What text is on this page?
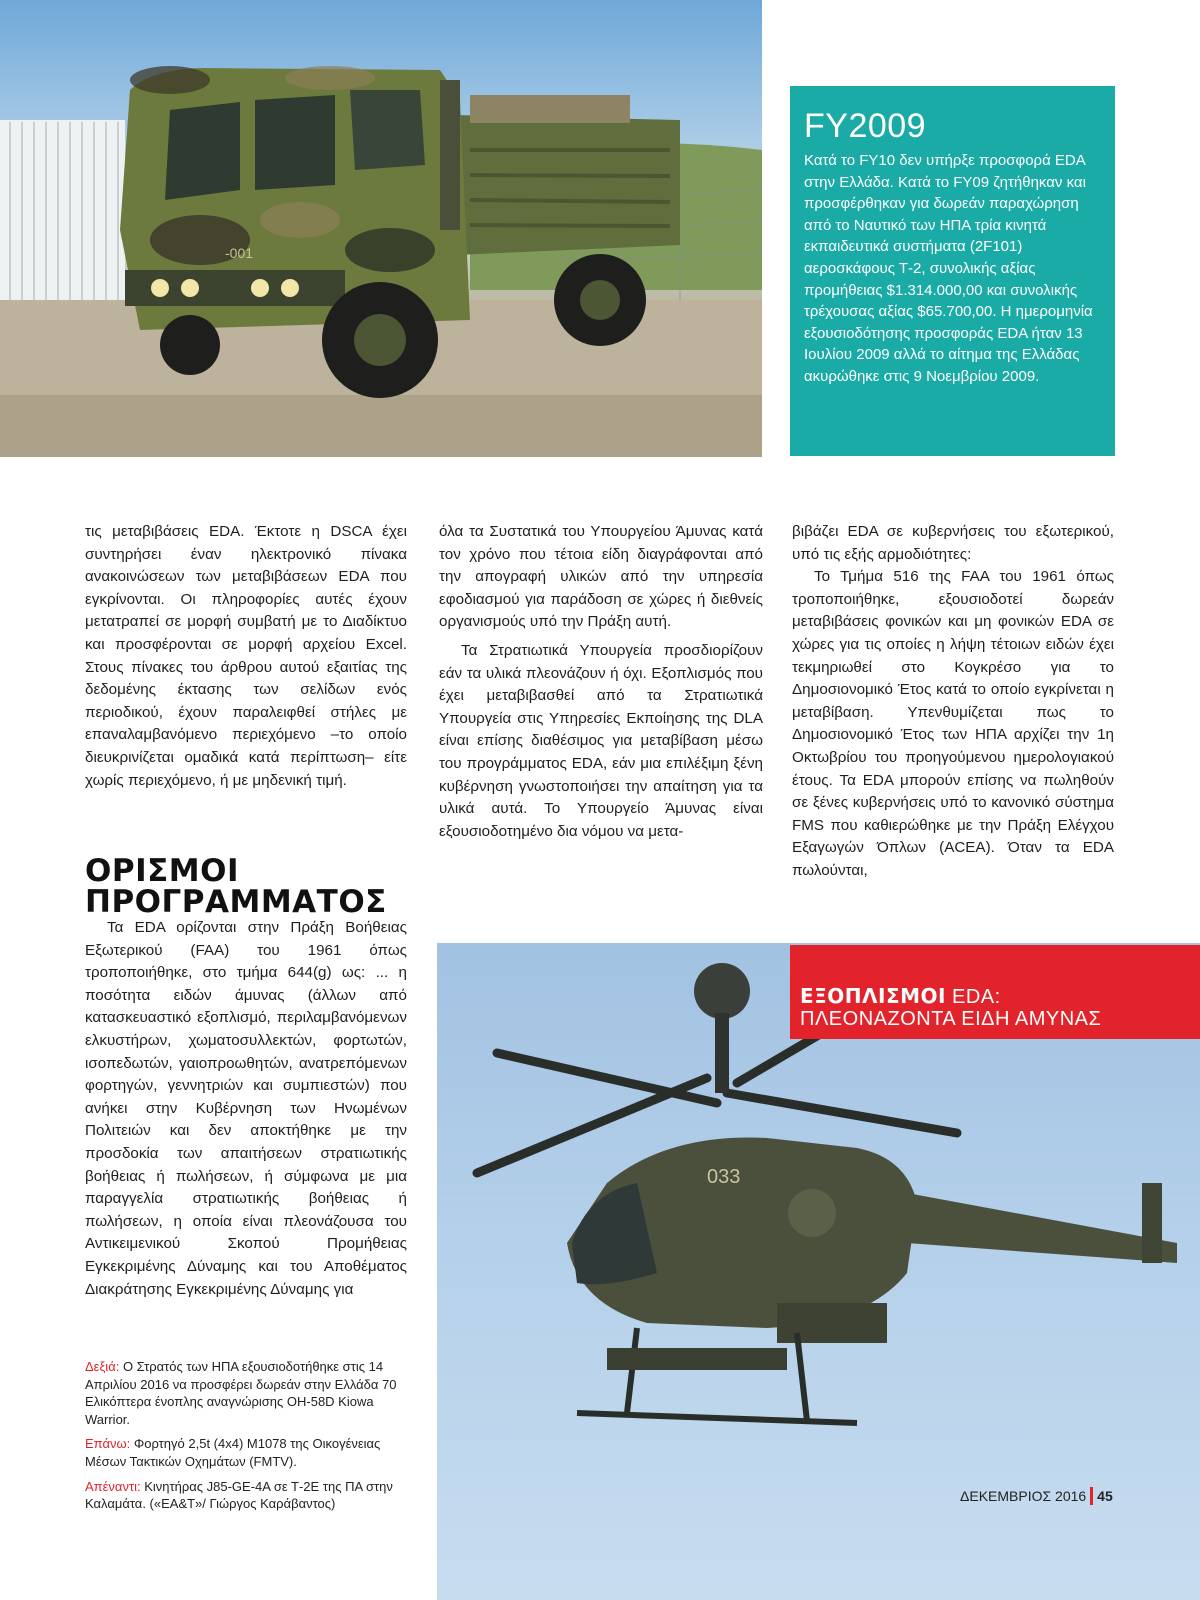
-001
FY2009
Κατά το FY10 δεν υπήρξε προσφορά EDA στην Ελλάδα. Κατά το FY09 ζητήθηκαν και προσφέρθηκαν για δωρεάν παραχώρηση από το Ναυτικό των ΗΠΑ τρία κινητά εκπαιδευτικά συστήματα (2F101) αεροσκάφους Τ-2, συνολικής αξίας προμήθειας $1.314.000,00 και συνολικής τρέχουσας αξίας $65.700,00. Η ημερομηνία εξουσιοδότησης προσφοράς EDA ήταν 13 Ιουλίου 2009 αλλά το αίτημα της Ελλάδας ακυρώθηκε στις 9 Νοεμβρίου 2009.

τις μεταβιβάσεις EDA. Έκτοτε η DSCA έχει συντηρήσει έναν ηλεκτρονικό πίνακα ανακοινώσεων των μεταβιβάσεων EDA που εγκρίνονται. Οι πληροφορίες αυτές έχουν μετατραπεί σε μορφή συμβατή με το Διαδίκτυο και προσφέρονται σε μορφή αρχείου Excel. Στους πίνακες του άρθρου αυτού εξαιτίας της δεδομένης έκτασης των σελίδων ενός περιοδικού, έχουν παραλειφθεί στήλες με επαναλαμβανόμενο περιεχόμενο –το οποίο διευκρινίζεται ομαδικά κατά περίπτωση– είτε χωρίς περιεχόμενο, ή με μηδενική τιμή.

όλα τα Συστατικά του Υπουργείου Άμυνας κατά τον χρόνο που τέτοια είδη διαγράφονται από την απογραφή υλικών από την υπηρεσία εφοδιασμού για παράδοση σε χώρες ή διεθνείς οργανισμούς υπό την Πράξη αυτή.

Τα Στρατιωτικά Υπουργεία προσδιορίζουν εάν τα υλικά πλεονάζουν ή όχι. Εξοπλισμός που έχει μεταβιβασθεί από τα Στρατιωτικά Υπουργεία στις Υπηρεσίες Εκποίησης της DLA είναι επίσης διαθέσιμος για μεταβίβαση μέσω του προγράμματος EDA, εάν μια επιλέξιμη ξένη κυβέρνηση γνωστοποιήσει την απαίτηση για τα υλικά αυτά. Το Υπουργείο Άμυνας είναι εξουσιοδοτημένο δια νόμου να μετα-

βιβάζει EDA σε κυβερνήσεις του εξωτερικού, υπό τις εξής αρμοδιότητες:

Το Τμήμα 516 της FAA του 1961 όπως τροποποιήθηκε, εξουσιοδοτεί δωρεάν μεταβιβάσεις φονικών και μη φονικών EDA σε χώρες για τις οποίες η λήψη τέτοιων ειδών έχει τεκμηριωθεί στο Κογκρέσο για το Δημοσιονομικό Έτος κατά το οποίο εγκρίνεται η μεταβίβαση. Υπενθυμίζεται πως το Δημοσιονομικό Έτος των ΗΠΑ αρχίζει την 1η Οκτωβρίου του προηγούμενου ημερολογιακού έτους. Τα EDA μπορούν επίσης να πωληθούν σε ξένες κυβερνήσεις υπό το κανονικό σύστημα FMS που καθιερώθηκε με την Πράξη Ελέγχου Εξαγωγών Όπλων (ACEA). Όταν τα EDA πωλούνται,

ΟΡΙΣΜΟΙ
ΠΡΟΓΡΑΜΜΑΤΟΣ

Τα EDA ορίζονται στην Πράξη Βοήθειας Εξωτερικού (FAA) του 1961 όπως τροποποιήθηκε, στο τμήμα 644(g) ως: ... η ποσότητα ειδών άμυνας (άλλων από κατασκευαστικό εξοπλισμό, περιλαμβανόμενων ελκυστήρων, χωματοσυλλεκτών, φορτωτών, ισοπεδωτών, γαιοπροωθητών, ανατρεπόμενων φορτηγών, γεννητριών και συμπιεστών) που ανήκει στην Κυβέρνηση των Ηνωμένων Πολιτειών και δεν αποκτήθηκε με την προσδοκία των απαιτήσεων στρατιωτικής βοήθειας ή πωλήσεων, ή σύμφωνα με μια παραγγελία στρατιωτικής βοήθειας ή πωλήσεων, η οποία είναι πλεονάζουσα του Αντικειμενικού Σκοπού Προμήθειας Εγκεκριμένης Δύναμης και του Αποθέματος Διακράτησης Εγκεκριμένης Δύναμης για

033
ΕΞΟΠΛΙΣΜΟΙ EDA:
ΠΛΕΟΝΑΖΟΝΤΑ ΕΙΔΗ ΑΜΥΝΑΣ

Δεξιά: Ο Στρατός των ΗΠΑ εξουσιοδοτήθηκε στις 14 Απριλίου 2016 να προσφέρει δωρεάν στην Ελλάδα 70 Ελικόπτερα ένοπλης αναγνώρισης OH-58D Kiowa Warrior.

Επάνω: Φορτηγό 2,5t (4x4) M1078 της Οικογένειας Μέσων Τακτικών Οχημάτων (FMTV).

Απέναντι: Κινητήρας J85-GE-4A σε Τ-2Ε της ΠΑ στην Καλαμάτα. («ΕΑ&Τ»/ Γιώργος Καράβαντος)	ΔΕΚΕΜΒΡΙΟΣ 2016 45
